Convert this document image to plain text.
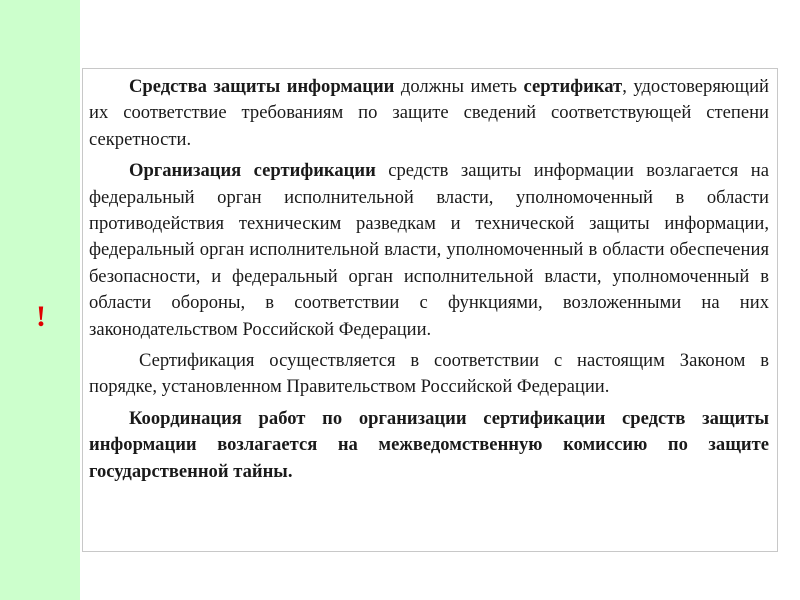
!

Средства защиты информации должны иметь сертификат, удостоверяющий их соответствие требованиям по защите сведений соответствующей степени секретности.

Организация сертификации средств защиты информации возлагается на федеральный орган исполнительной власти, уполномоченный в области противодействия техническим разведкам и технической защиты информации, федеральный орган исполнительной власти, уполномоченный в области обеспечения безопасности, и федеральный орган исполнительной власти, уполномоченный в области обороны, в соответствии с функциями, возложенными на них законодательством Российской Федерации.

Сертификация осуществляется в соответствии с настоящим Законом в порядке, установленном Правительством Российской Федерации.

Координация работ по организации сертификации средств защиты информации возлагается на межведомственную комиссию по защите государственной тайны.
